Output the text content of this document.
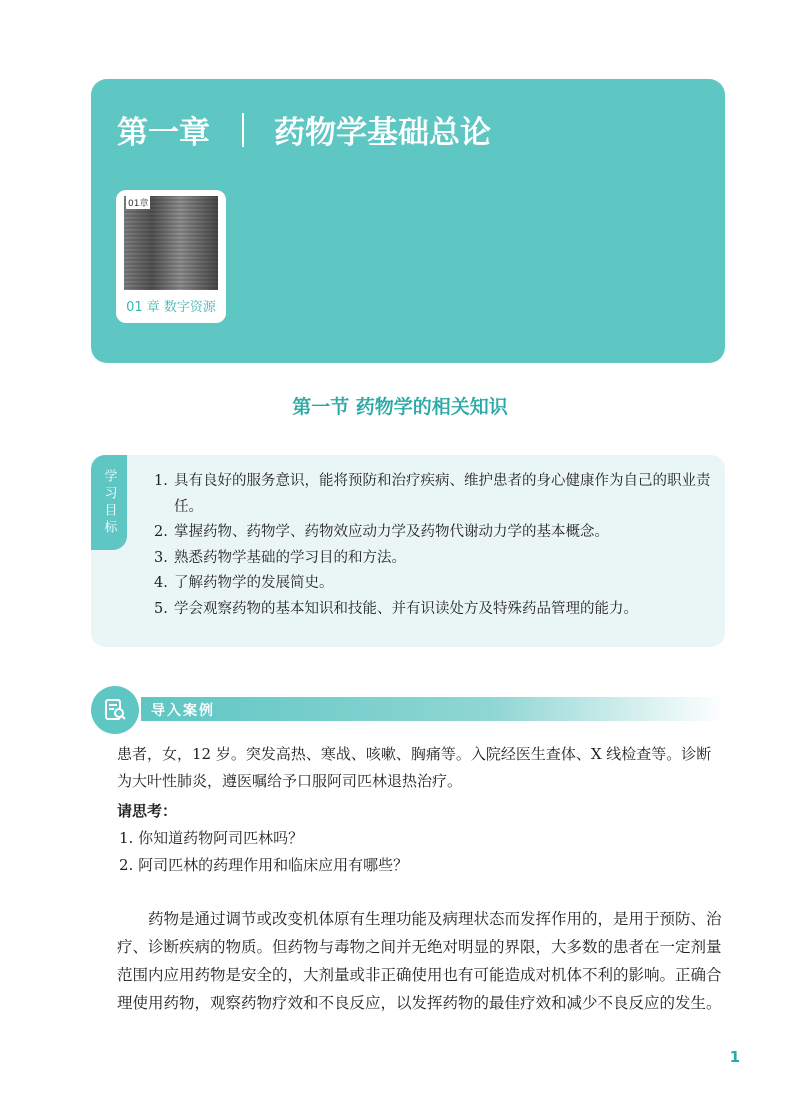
第一章 药物学基础总论
01章
01 章 数字资源
第一节 药物学的相关知识
学习目标	1. 具有良好的服务意识，能将预防和治疗疾病、维护患者的身心健康作为自己的职业责任。
2. 掌握药物、药物学、药物效应动力学及药物代谢动力学的基本概念。
3. 熟悉药物学基础的学习目的和方法。
4. 了解药物学的发展简史。
5. 学会观察药物的基本知识和技能、并有识读处方及特殊药品管理的能力。
导入案例
患者，女，12 岁。突发高热、寒战、咳嗽、胸痛等。入院经医生查体、X 线检查等。诊断为大叶性肺炎，遵医嘱给予口服阿司匹林退热治疗。
请思考：
1. 你知道药物阿司匹林吗？
2. 阿司匹林的药理作用和临床应用有哪些？
药物是通过调节或改变机体原有生理功能及病理状态而发挥作用的，是用于预防、治疗、诊断疾病的物质。但药物与毒物之间并无绝对明显的界限，大多数的患者在一定剂量范围内应用药物是安全的，大剂量或非正确使用也有可能造成对机体不利的影响。正确合理使用药物，观察药物疗效和不良反应，以发挥药物的最佳疗效和减少不良反应的发生。
1
